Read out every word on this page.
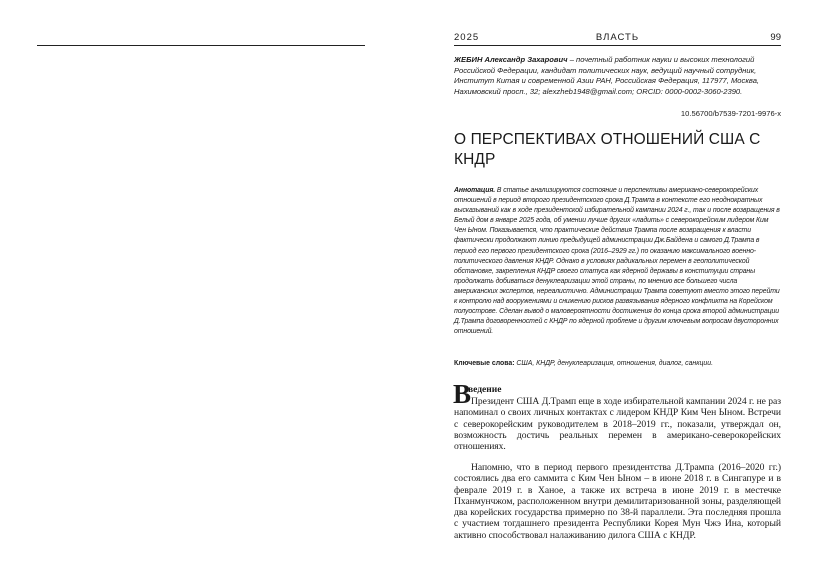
2025	ВЛАСТЬ	99

ЖЕБИН Александр Захарович – почетный работник науки и высоких технологий Российской Федерации, кандидат политических наук, ведущий научный сотрудник, Институт Китая и современной Азии РАН, Российская Федерация, 117977, Москва, Нахимовский просп., 32; alexzheb1948@gmail.com; ORCID: 0000-0002-3060-2390.

10.56700/b7539-7201-9976-x
О ПЕРСПЕКТИВАХ ОТНОШЕНИЙ США С КНДР

Аннотация. В статье анализируются состояние и перспективы американо-северокорейских отношений в период второго президентского срока Д.Трампа в контексте его неоднократных высказываний как в ходе президентской избирательной кампании 2024 г., так и после возвращения в Белый дом в январе 2025 года, об умении лучше других «ладить» с северокорейским лидером Ким Чен Ыном. Показывается, что практические действия Трампа после возвращения к власти фактически продолжают линию предыдущей администрации Дж.Байдена и самого Д.Трампа в период его первого президентского срока (2016–2929 гг.) по оказанию максимального военно-политического давления КНДР. Однако в условиях радикальных перемен в геополитической обстановке, закрепления КНДР своего статуса как ядерной державы в конституции страны продолжать добиваться денуклеаризации этой страны, по мнению все большего числа американских экспертов, нереалистично. Администрации Трампа советуют вместо этого перейти к контролю над вооружениями и снижению рисков развязывания ядерного конфликта на Корейском полуострове. Сделан вывод о маловероятности достижения до конца срока второй администрации Д.Трампа договоренностей с КНДР по ядерной проблеме и другим ключевым вопросам двусторонних отношений.

Ключевые слова: США, КНДР, денуклеаризация, отношения, диалог, санкции.

В
ведение

Президент США Д.Трамп еще в ходе избирательной кампании 2024 г. не раз напоминал о своих личных контактах с лидером КНДР Ким Чен Ыном. Встречи с северокорейским руководителем в 2018–2019 гг., показали, утверждал он, возможность достичь реальных перемен в американо-северокорейских отношениях.

Напомню, что в период первого президентства Д.Трампа (2016–2020 гг.) состоялись два его саммита с Ким Чен Ыном – в июне 2018 г. в Сингапуре и в феврале 2019 г. в Ханое, а также их встреча в июне 2019 г. в местечке Пханмунчжом, расположенном внутри демилитаризованной зоны, разделяющей два корейских государства примерно по 38-й параллели. Эта последняя прошла с участием тогдашнего президента Республики Корея Мун Чжэ Ина, который активно способствовал налаживанию дилога США с КНДР.
